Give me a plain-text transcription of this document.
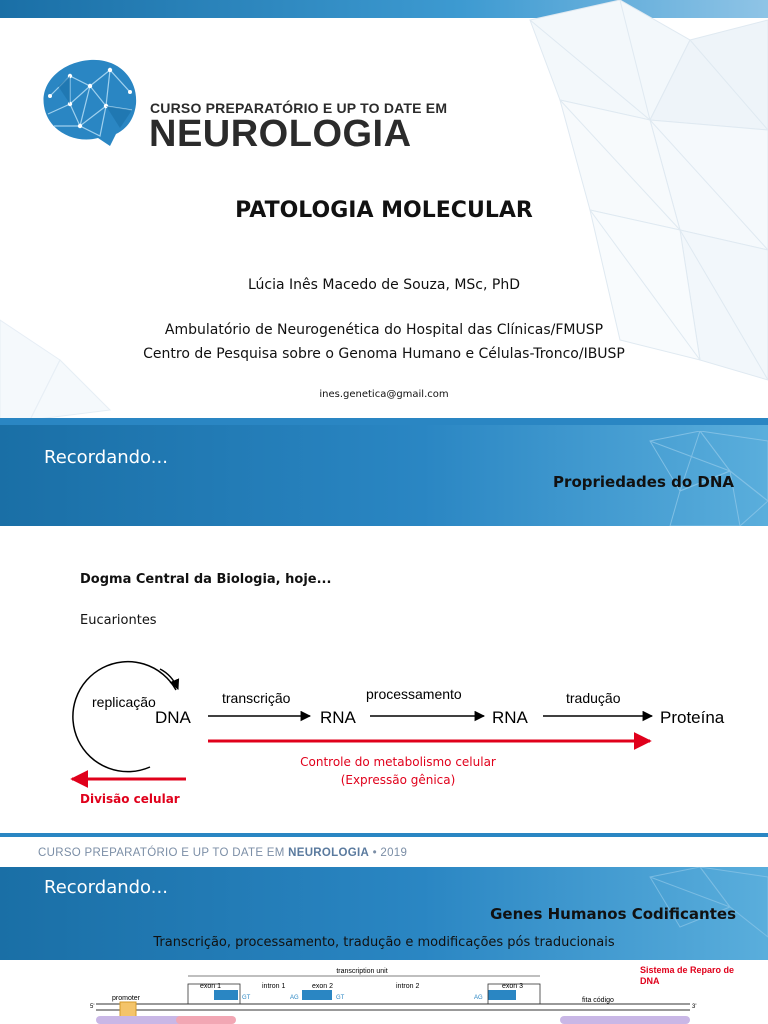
CURSO PREPARATÓRIO E UP TO DATE EM
NEUROLOGIA
PATOLOGIA MOLECULAR
Lúcia Inês Macedo de Souza, MSc, PhD
Ambulatório de Neurogenética do Hospital das Clínicas/FMUSP
Centro de Pesquisa sobre o Genoma Humano e Células-Tronco/IBUSP
ines.genetica@gmail.com
Recordando...
Propriedades do DNA
Dogma Central da Biologia, hoje...
Eucariontes
replicação
DNA
transcrição
RNA
processamento
RNA
tradução
Proteína
Controle do metabolismo celular
(Expressão gênica)
Divisão celular
CURSO PREPARATÓRIO E UP TO DATE EM NEUROLOGIA • 2019
Recordando...
Genes Humanos Codificantes
Transcrição, processamento, tradução e modificações pós traducionais
transcription unit
5'	3'
promoter
exon 1
GT
intron 1
AG
exon 2
GT
intron 2
AG
exon 3
fita código
Sistema de Reparo de DNA
